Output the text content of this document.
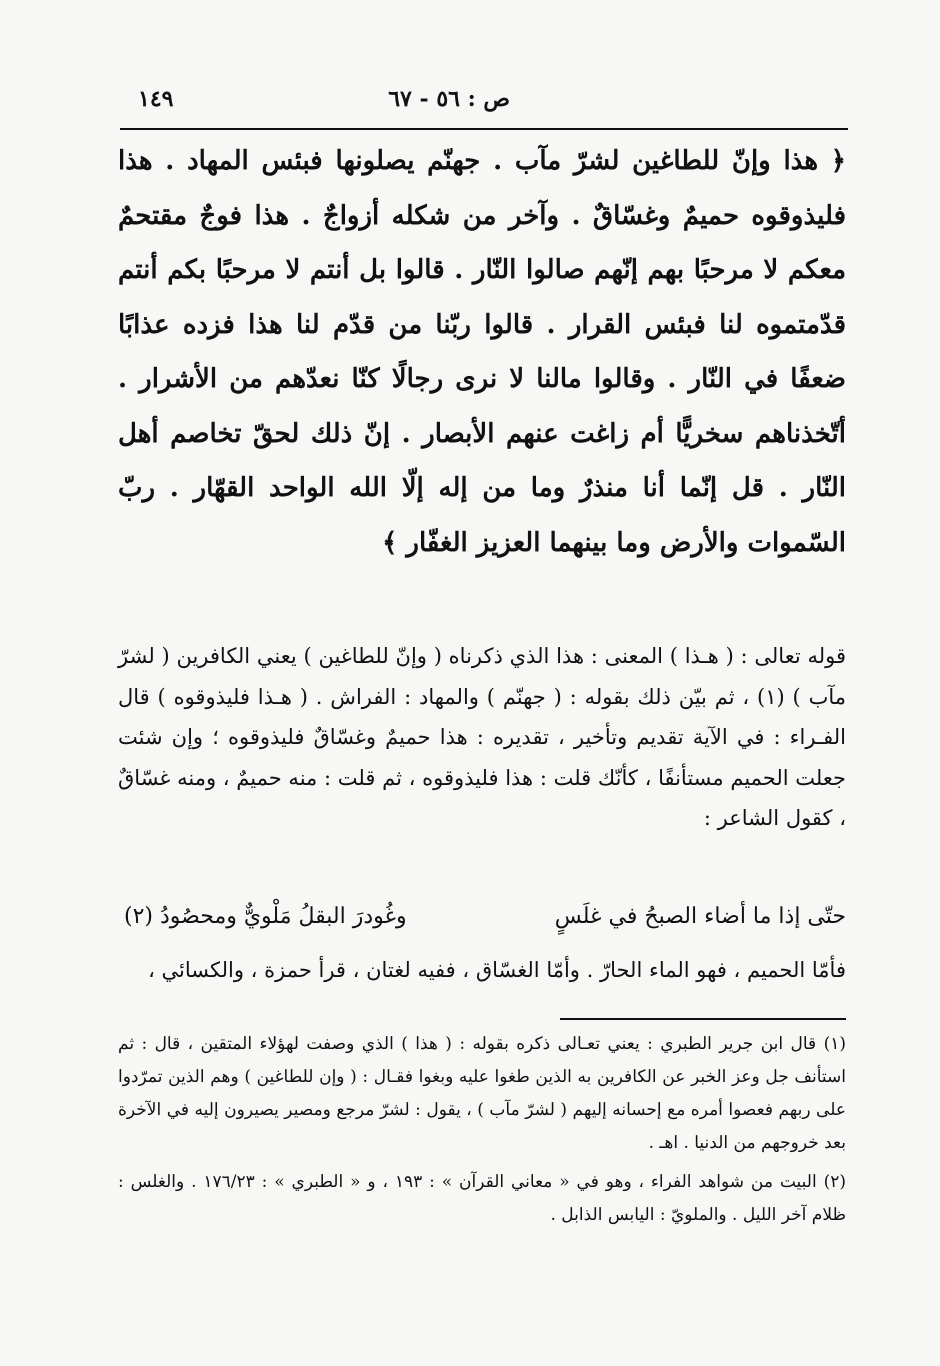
ص : ٥٦ - ٦٧
١٤٩
﴿ هذا وإنّ للطاغين لشرّ مآب . جهنّم يصلونها فبئس المهاد . هذا فليذوقوه حميمٌ وغسّاقٌ . وآخر من شكله أزواجٌ . هذا فوجٌ مقتحمٌ معكم لا مرحبًا بهم إنّهم صالوا النّار . قالوا بل أنتم لا مرحبًا بكم أنتم قدّمتموه لنا فبئس القرار . قالوا ربّنا من قدّم لنا هذا فزده عذابًا ضعفًا في النّار . وقالوا مالنا لا نرى رجالًا كنّا نعدّهم من الأشرار . أتّخذناهم سخريًّا أم زاغت عنهم الأبصار . إنّ ذلك لحقّ تخاصم أهل النّار . قل إنّما أنا منذرٌ وما من إله إلّا الله الواحد القهّار . ربّ السّموات والأرض وما بينهما العزيز الغفّار ﴾
قوله تعالى : ( هـذا ) المعنى : هذا الذي ذكرناه ( وإنّ للطاغين ) يعني الكافرين ( لشرّ مآب ) (١) ، ثم بيّن ذلك بقوله : ( جهنّم ) والمهاد : الفراش . ( هـذا فليذوقوه ) قال الفـراء : في الآية تقديم وتأخير ، تقديره : هذا حميمٌ وغسّاقٌ فليذوقوه ؛ وإن شئت جعلت الحميم مستأنفًا ، كأنّك قلت : هذا فليذوقوه ، ثم قلت : منه حميمٌ ، ومنه غسّاقٌ ، كقول الشاعر :
حتّى إذا ما أضاء الصبحُ في غلَسٍ
وغُودرَ البقلُ مَلْويٌّ ومحصُودُ (٢)
فأمّا الحميم ، فهو الماء الحارّ . وأمّا الغسّاق ، ففيه لغتان ، قرأ حمزة ، والكسائي ،

(١) قال ابن جرير الطبري : يعني تعـالى ذكره بقوله : ( هذا ) الذي وصفت لهؤلاء المتقين ، قال : ثم استأنف جل وعز الخبر عن الكافرين به الذين طغوا عليه وبغوا فقـال : ( وإن للطاغين ) وهم الذين تمرّدوا على ربهم فعصوا أمره مع إحسانه إليهم ( لشرّ مآب ) ، يقول : لشرّ مرجع ومصير يصيرون إليه في الآخرة بعد خروجهم من الدنيا . اهـ .

(٢) البيت من شواهد الفراء ، وهو في « معاني القرآن » : ١٩٣ ، و « الطبري » : ١٧٦/٢٣ . والغلس : ظلام آخر الليل . والملويّ : اليابس الذابل .
